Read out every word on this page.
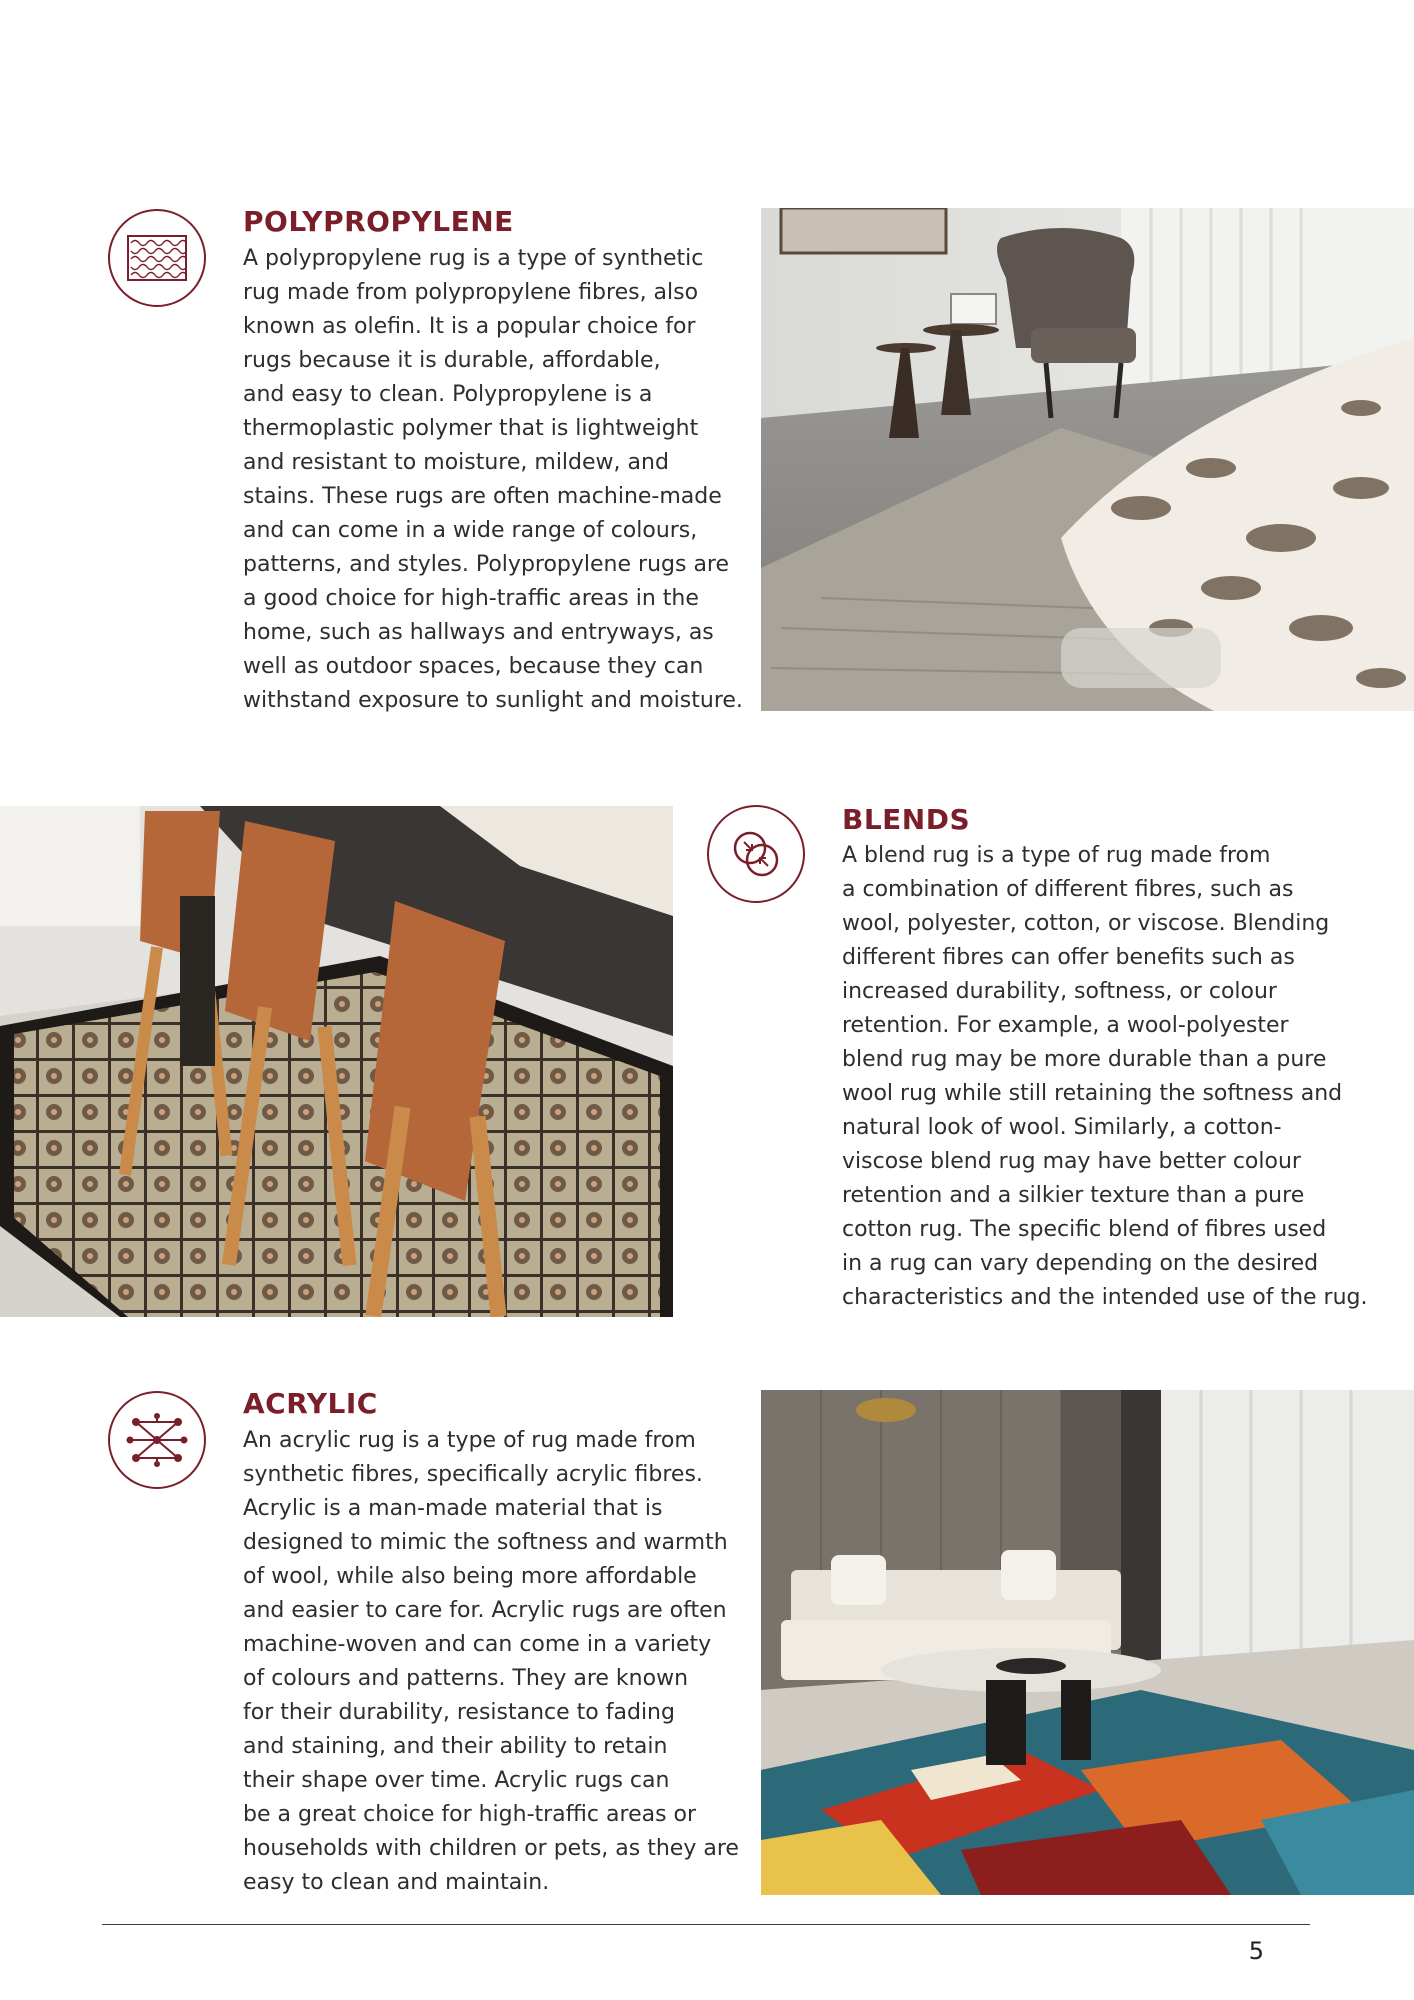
POLYPROPYLENE
A polypropylene rug is a type of synthetic
rug made from polypropylene fibres, also
known as olefin. It is a popular choice for
rugs because it is durable, affordable,
and easy to clean. Polypropylene is a
thermoplastic polymer that is lightweight
and resistant to moisture, mildew, and
stains. These rugs are often machine-made
and can come in a wide range of colours,
patterns, and styles. Polypropylene rugs are
a good choice for high-traffic areas in the
home, such as hallways and entryways, as
well as outdoor spaces, because they can
withstand exposure to sunlight and moisture.
BLENDS
A blend rug is a type of rug made from
a combination of different fibres, such as
wool, polyester, cotton, or viscose. Blending
different fibres can offer benefits such as
increased durability, softness, or colour
retention. For example, a wool-polyester
blend rug may be more durable than a pure
wool rug while still retaining the softness and
natural look of wool. Similarly, a cotton-
viscose blend rug may have better colour
retention and a silkier texture than a pure
cotton rug. The specific blend of fibres used
in a rug can vary depending on the desired
characteristics and the intended use of the rug.
ACRYLIC
An acrylic rug is a type of rug made from
synthetic fibres, specifically acrylic fibres.
Acrylic is a man-made material that is
designed to mimic the softness and warmth
of wool, while also being more affordable
and easier to care for. Acrylic rugs are often
machine-woven and can come in a variety
of colours and patterns. They are known
for their durability, resistance to fading
and staining, and their ability to retain
their shape over time. Acrylic rugs can
be a great choice for high-traffic areas or
households with children or pets, as they are
easy to clean and maintain.
5
